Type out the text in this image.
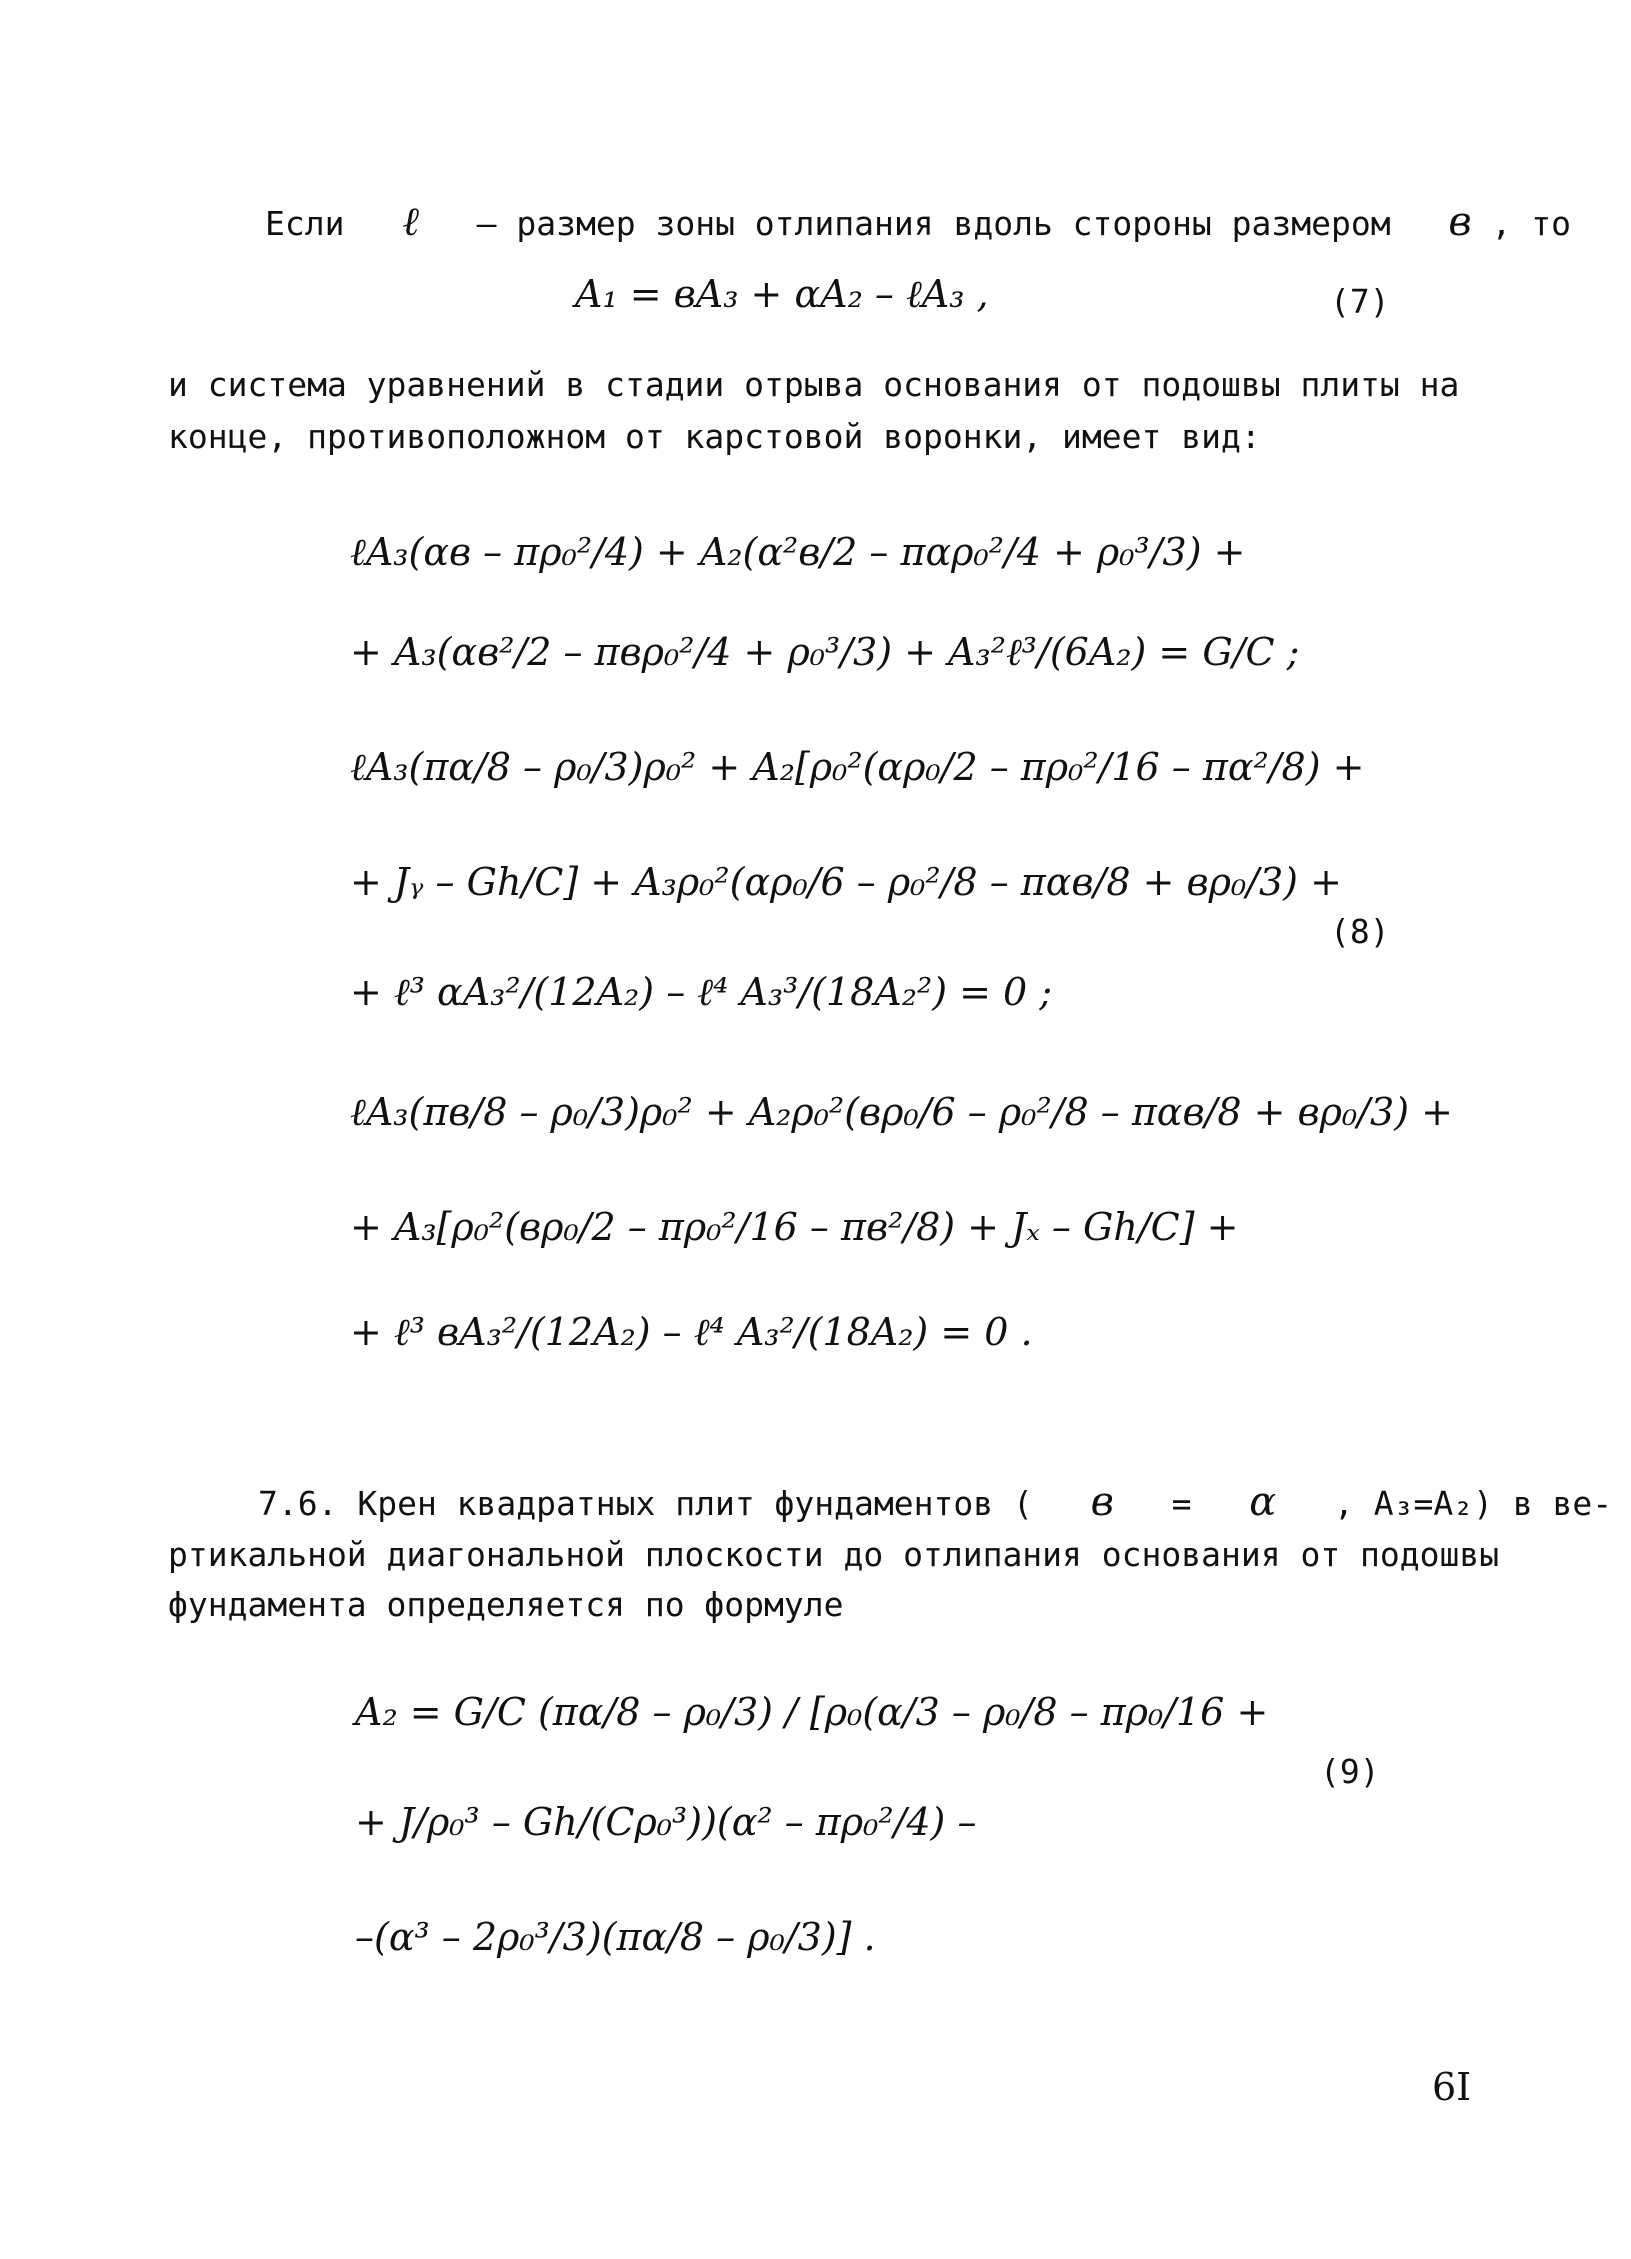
Если ℓ – размер зоны отлипания вдоль стороны размером в , то
A₁ = вA₃ + αA₂ – ℓA₃ ,	(7)
и система уравнений в стадии отрыва основания от подошвы плиты на
конце, противоположном от карстовой воронки, имеет вид:
ℓA₃(αв – πρ₀²/4) + A₂(α²в/2 – παρ₀²/4 + ρ₀³/3) +
+ A₃(αв²/2 – πвρ₀²/4 + ρ₀³/3) + A₃²ℓ³/(6A₂) = G/C ;
ℓA₃(πα/8 – ρ₀/3)ρ₀² + A₂[ρ₀²(αρ₀/2 – πρ₀²/16 – πα²/8) +
+ Jᵧ – Gh/C] + A₃ρ₀²(αρ₀/6 – ρ₀²/8 – παв/8 + вρ₀/3) +
+ ℓ³ αA₃²/(12A₂) – ℓ⁴ A₃³/(18A₂²) = 0 ;
ℓA₃(πв/8 – ρ₀/3)ρ₀² + A₂ρ₀²(вρ₀/6 – ρ₀²/8 – παв/8 + вρ₀/3) +
+ A₃[ρ₀²(вρ₀/2 – πρ₀²/16 – πв²/8) + Jₓ – Gh/C] +
+ ℓ³ вA₃²/(12A₂) – ℓ⁴ A₃²/(18A₂) = 0 .
(8)
7.6. Крен квадратных плит фундаментов ( в = α , A₃=A₂) в ве-
ртикальной диагональной плоскости до отлипания основания от подошвы
фундамента определяется по формуле
A₂ = G/C (πα/8 – ρ₀/3) / [ρ₀(α/3 – ρ₀/8 – πρ₀/16 +
+ J/ρ₀³ – Gh/(Cρ₀³))(α² – πρ₀²/4) –
–(α³ – 2ρ₀³/3)(πα/8 – ρ₀/3)] .
(9)
6I
